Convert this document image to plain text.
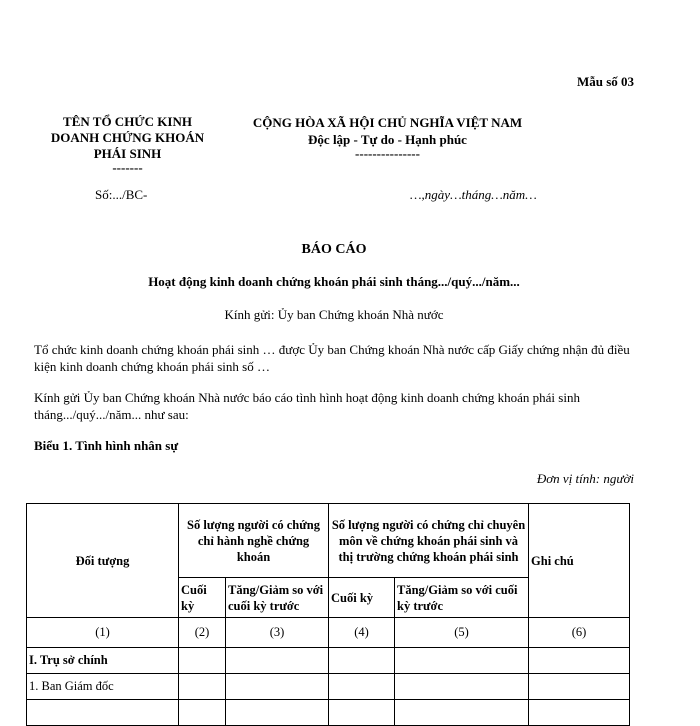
Mẫu số 03
TÊN TỔ CHỨC KINH
DOANH CHỨNG KHOÁN
PHÁI SINH
-------
CỘNG HÒA XÃ HỘI CHỦ NGHĨA VIỆT NAM
Độc lập - Tự do - Hạnh phúc
---------------
Số:.../BC-	…,ngày…tháng…năm…
BÁO CÁO
Hoạt động kinh doanh chứng khoán phái sinh tháng.../quý.../năm...
Kính gửi: Ủy ban Chứng khoán Nhà nước
Tổ chức kinh doanh chứng khoán phái sinh … được Ủy ban Chứng khoán Nhà nước cấp Giấy chứng nhận đủ điều kiện kinh doanh chứng khoán phái sinh số …
Kính gửi Ủy ban Chứng khoán Nhà nước báo cáo tình hình hoạt động kinh doanh chứng khoán phái sinh tháng.../quý.../năm... như sau:
Biểu 1. Tình hình nhân sự
Đơn vị tính: người
Đối tượng	Số lượng người có chứng chỉ hành nghề chứng khoán		Số lượng người có chứng chỉ chuyên môn về chứng khoán phái sinh và thị trường chứng khoán phái sinh		Ghi chú
	Cuối kỳ	Tăng/Giảm so với cuối kỳ trước	Cuối kỳ	Tăng/Giảm so với cuối kỳ trước	
(1)	(2)	(3)	(4)	(5)	(6)
I. Trụ sở chính					
1. Ban Giám đốc					
